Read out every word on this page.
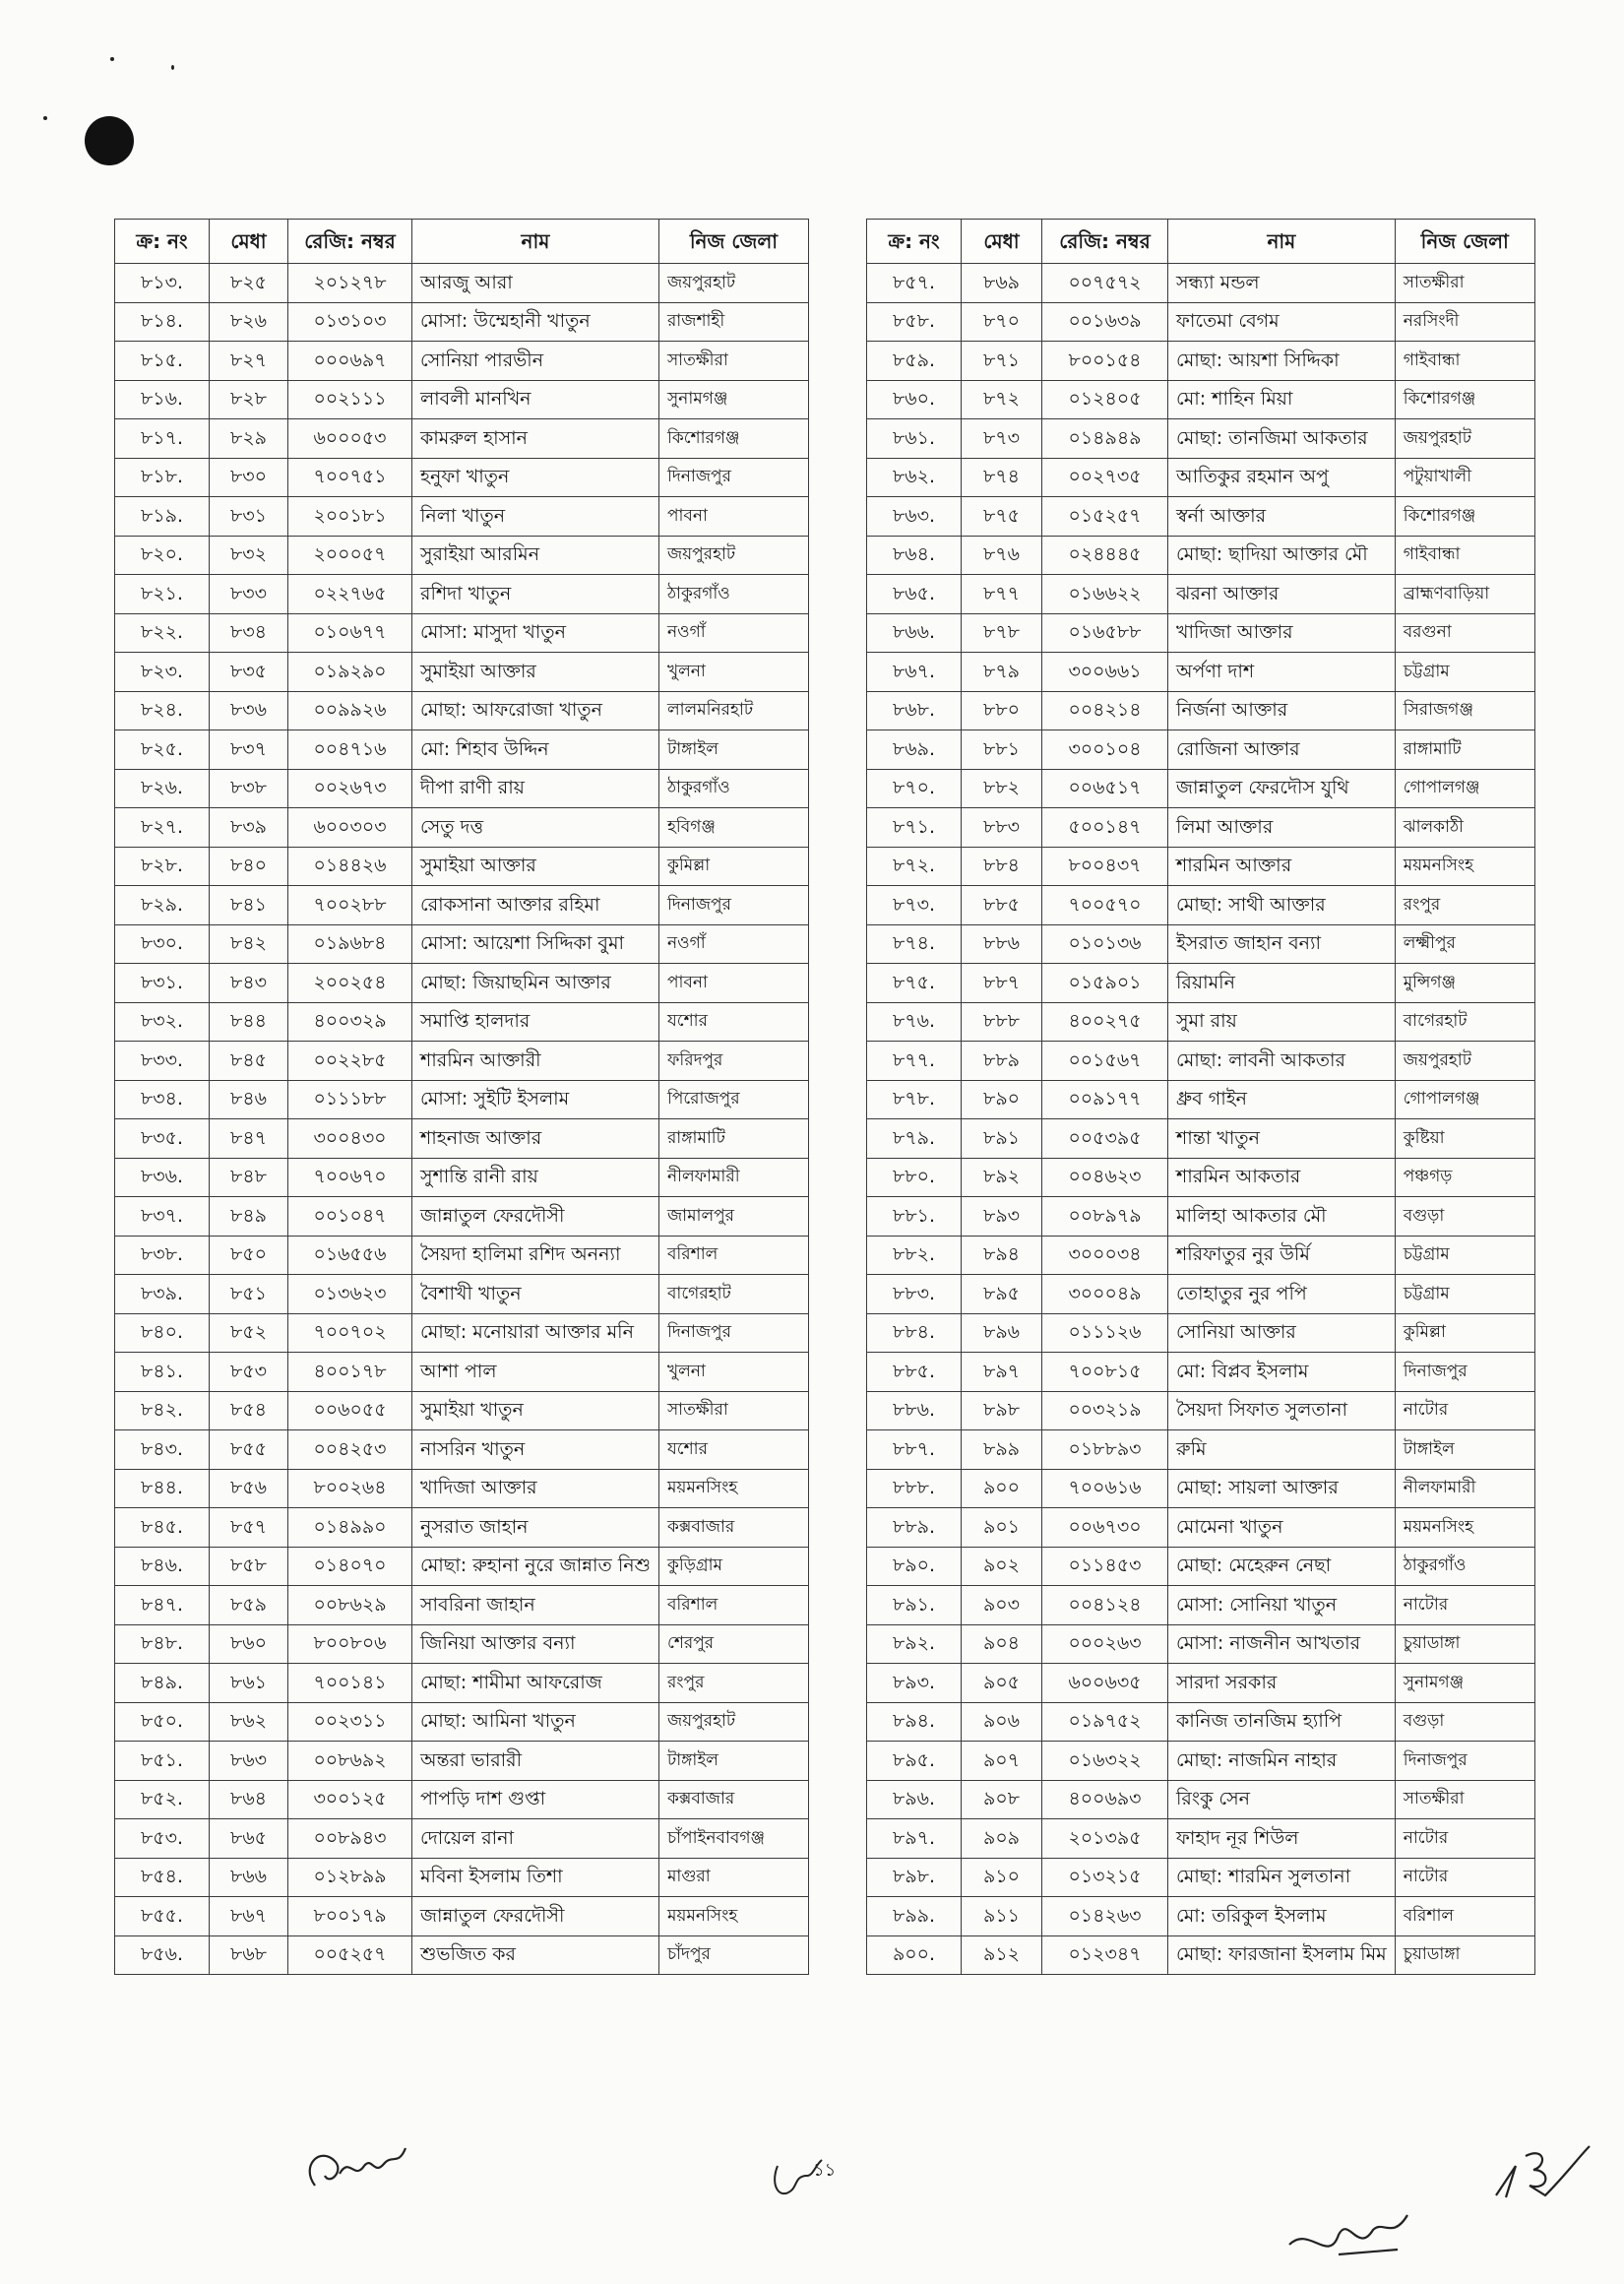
ক্র: নং	মেধা	রেজি: নম্বর	নাম	নিজ জেলা
৮১৩.	৮২৫	২০১২৭৮	আরজু আরা	জয়পুরহাট
৮১৪.	৮২৬	০১৩১০৩	মোসা: উম্মেহানী খাতুন	রাজশাহী
৮১৫.	৮২৭	০০০৬৯৭	সোনিয়া পারভীন	সাতক্ষীরা
৮১৬.	৮২৮	০০২১১১	লাবলী মানখিন	সুনামগঞ্জ
৮১৭.	৮২৯	৬০০০৫৩	কামরুল হাসান	কিশোরগঞ্জ
৮১৮.	৮৩০	৭০০৭৫১	হনুফা খাতুন	দিনাজপুর
৮১৯.	৮৩১	২০০১৮১	নিলা খাতুন	পাবনা
৮২০.	৮৩২	২০০০৫৭	সুরাইয়া আরমিন	জয়পুরহাট
৮২১.	৮৩৩	০২২৭৬৫	রশিদা খাতুন	ঠাকুরগাঁও
৮২২.	৮৩৪	০১০৬৭৭	মোসা: মাসুদা খাতুন	নওগাঁ
৮২৩.	৮৩৫	০১৯২৯০	সুমাইয়া আক্তার	খুলনা
৮২৪.	৮৩৬	০০৯৯২৬	মোছা: আফরোজা খাতুন	লালমনিরহাট
৮২৫.	৮৩৭	০০৪৭১৬	মো: শিহাব উদ্দিন	টাঙ্গাইল
৮২৬.	৮৩৮	০০২৬৭৩	দীপা রাণী রায়	ঠাকুরগাঁও
৮২৭.	৮৩৯	৬০০৩০৩	সেতু দত্ত	হবিগঞ্জ
৮২৮.	৮৪০	০১৪৪২৬	সুমাইয়া আক্তার	কুমিল্লা
৮২৯.	৮৪১	৭০০২৮৮	রোকসানা আক্তার রহিমা	দিনাজপুর
৮৩০.	৮৪২	০১৯৬৮৪	মোসা: আয়েশা সিদ্দিকা বুমা	নওগাঁ
৮৩১.	৮৪৩	২০০২৫৪	মোছা: জিয়াছমিন আক্তার	পাবনা
৮৩২.	৮৪৪	৪০০৩২৯	সমাপ্তি হালদার	যশোর
৮৩৩.	৮৪৫	০০২২৮৫	শারমিন আক্তারী	ফরিদপুর
৮৩৪.	৮৪৬	০১১১৮৮	মোসা: সুইটি ইসলাম	পিরোজপুর
৮৩৫.	৮৪৭	৩০০৪৩০	শাহনাজ আক্তার	রাঙ্গামাটি
৮৩৬.	৮৪৮	৭০০৬৭০	সুশান্তি রানী রায়	নীলফামারী
৮৩৭.	৮৪৯	০০১০৪৭	জান্নাতুল ফেরদৌসী	জামালপুর
৮৩৮.	৮৫০	০১৬৫৫৬	সৈয়দা হালিমা রশিদ অনন্যা	বরিশাল
৮৩৯.	৮৫১	০১৩৬২৩	বৈশাখী খাতুন	বাগেরহাট
৮৪০.	৮৫২	৭০০৭০২	মোছা: মনোয়ারা আক্তার মনি	দিনাজপুর
৮৪১.	৮৫৩	৪০০১৭৮	আশা পাল	খুলনা
৮৪২.	৮৫৪	০০৬০৫৫	সুমাইয়া খাতুন	সাতক্ষীরা
৮৪৩.	৮৫৫	০০৪২৫৩	নাসরিন খাতুন	যশোর
৮৪৪.	৮৫৬	৮০০২৬৪	খাদিজা আক্তার	ময়মনসিংহ
৮৪৫.	৮৫৭	০১৪৯৯০	নুসরাত জাহান	কক্সবাজার
৮৪৬.	৮৫৮	০১৪০৭০	মোছা: রুহানা নুরে জান্নাত নিশু	কুড়িগ্রাম
৮৪৭.	৮৫৯	০০৮৬২৯	সাবরিনা জাহান	বরিশাল
৮৪৮.	৮৬০	৮০০৮০৬	জিনিয়া আক্তার বন্যা	শেরপুর
৮৪৯.	৮৬১	৭০০১৪১	মোছা: শামীমা আফরোজ	রংপুর
৮৫০.	৮৬২	০০২৩১১	মোছা: আমিনা খাতুন	জয়পুরহাট
৮৫১.	৮৬৩	০০৮৬৯২	অন্তরা ভারারী	টাঙ্গাইল
৮৫২.	৮৬৪	৩০০১২৫	পাপড়ি দাশ গুপ্তা	কক্সবাজার
৮৫৩.	৮৬৫	০০৮৯৪৩	দোয়েল রানা	চাঁপাইনবাবগঞ্জ
৮৫৪.	৮৬৬	০১২৮৯৯	মবিনা ইসলাম তিশা	মাগুরা
৮৫৫.	৮৬৭	৮০০১৭৯	জান্নাতুল ফেরদৌসী	ময়মনসিংহ
৮৫৬.	৮৬৮	০০৫২৫৭	শুভজিত কর	চাঁদপুর
ক্র: নং	মেধা	রেজি: নম্বর	নাম	নিজ জেলা
৮৫৭.	৮৬৯	০০৭৫৭২	সন্ধ্যা মন্ডল	সাতক্ষীরা
৮৫৮.	৮৭০	০০১৬৩৯	ফাতেমা বেগম	নরসিংদী
৮৫৯.	৮৭১	৮০০১৫৪	মোছা: আয়শা সিদ্দিকা	গাইবান্ধা
৮৬০.	৮৭২	০১২৪০৫	মো: শাহিন মিয়া	কিশোরগঞ্জ
৮৬১.	৮৭৩	০১৪৯৪৯	মোছা: তানজিমা আকতার	জয়পুরহাট
৮৬২.	৮৭৪	০০২৭৩৫	আতিকুর রহমান অপু	পটুয়াখালী
৮৬৩.	৮৭৫	০১৫২৫৭	স্বর্না আক্তার	কিশোরগঞ্জ
৮৬৪.	৮৭৬	০২৪৪৪৫	মোছা: ছাদিয়া আক্তার মৌ	গাইবান্ধা
৮৬৫.	৮৭৭	০১৬৬২২	ঝরনা আক্তার	ব্রাহ্মণবাড়িয়া
৮৬৬.	৮৭৮	০১৬৫৮৮	খাদিজা আক্তার	বরগুনা
৮৬৭.	৮৭৯	৩০০৬৬১	অর্পণা দাশ	চট্টগ্রাম
৮৬৮.	৮৮০	০০৪২১৪	নির্জনা আক্তার	সিরাজগঞ্জ
৮৬৯.	৮৮১	৩০০১০৪	রোজিনা আক্তার	রাঙ্গামাটি
৮৭০.	৮৮২	০০৬৫১৭	জান্নাতুল ফেরদৌস যুথি	গোপালগঞ্জ
৮৭১.	৮৮৩	৫০০১৪৭	লিমা আক্তার	ঝালকাঠী
৮৭২.	৮৮৪	৮০০৪৩৭	শারমিন আক্তার	ময়মনসিংহ
৮৭৩.	৮৮৫	৭০০৫৭০	মোছা: সাথী আক্তার	রংপুর
৮৭৪.	৮৮৬	০১০১৩৬	ইসরাত জাহান বন্যা	লক্ষ্মীপুর
৮৭৫.	৮৮৭	০১৫৯০১	রিয়ামনি	মুন্সিগঞ্জ
৮৭৬.	৮৮৮	৪০০২৭৫	সুমা রায়	বাগেরহাট
৮৭৭.	৮৮৯	০০১৫৬৭	মোছা: লাবনী আকতার	জয়পুরহাট
৮৭৮.	৮৯০	০০৯১৭৭	ধ্রুব গাইন	গোপালগঞ্জ
৮৭৯.	৮৯১	০০৫৩৯৫	শান্তা খাতুন	কুষ্টিয়া
৮৮০.	৮৯২	০০৪৬২৩	শারমিন আকতার	পঞ্চগড়
৮৮১.	৮৯৩	০০৮৯৭৯	মালিহা আকতার মৌ	বগুড়া
৮৮২.	৮৯৪	৩০০০৩৪	শরিফাতুর নুর উর্মি	চট্টগ্রাম
৮৮৩.	৮৯৫	৩০০০৪৯	তোহাতুর নুর পপি	চট্টগ্রাম
৮৮৪.	৮৯৬	০১১১২৬	সোনিয়া আক্তার	কুমিল্লা
৮৮৫.	৮৯৭	৭০০৮১৫	মো: বিপ্লব ইসলাম	দিনাজপুর
৮৮৬.	৮৯৮	০০৩২১৯	সৈয়দা সিফাত সুলতানা	নাটোর
৮৮৭.	৮৯৯	০১৮৮৯৩	রুমি	টাঙ্গাইল
৮৮৮.	৯০০	৭০০৬১৬	মোছা: সায়লা আক্তার	নীলফামারী
৮৮৯.	৯০১	০০৬৭৩০	মোমেনা খাতুন	ময়মনসিংহ
৮৯০.	৯০২	০১১৪৫৩	মোছা: মেহেরুন নেছা	ঠাকুরগাঁও
৮৯১.	৯০৩	০০৪১২৪	মোসা: সোনিয়া খাতুন	নাটোর
৮৯২.	৯০৪	০০০২৬৩	মোসা: নাজনীন আখতার	চুয়াডাঙ্গা
৮৯৩.	৯০৫	৬০০৬৩৫	সারদা সরকার	সুনামগঞ্জ
৮৯৪.	৯০৬	০১৯৭৫২	কানিজ তানজিম হ্যাপি	বগুড়া
৮৯৫.	৯০৭	০১৬৩২২	মোছা: নাজমিন নাহার	দিনাজপুর
৮৯৬.	৯০৮	৪০০৬৯৩	রিংকু সেন	সাতক্ষীরা
৮৯৭.	৯০৯	২০১৩৯৫	ফাহাদ নূর শিউল	নাটোর
৮৯৮.	৯১০	০১৩২১৫	মোছা: শারমিন সুলতানা	নাটোর
৮৯৯.	৯১১	০১৪২৬৩	মো: তরিকুল ইসলাম	বরিশাল
৯০০.	৯১২	০১২৩৪৭	মোছা: ফারজানা ইসলাম মিম	চুয়াডাঙ্গা
১১
